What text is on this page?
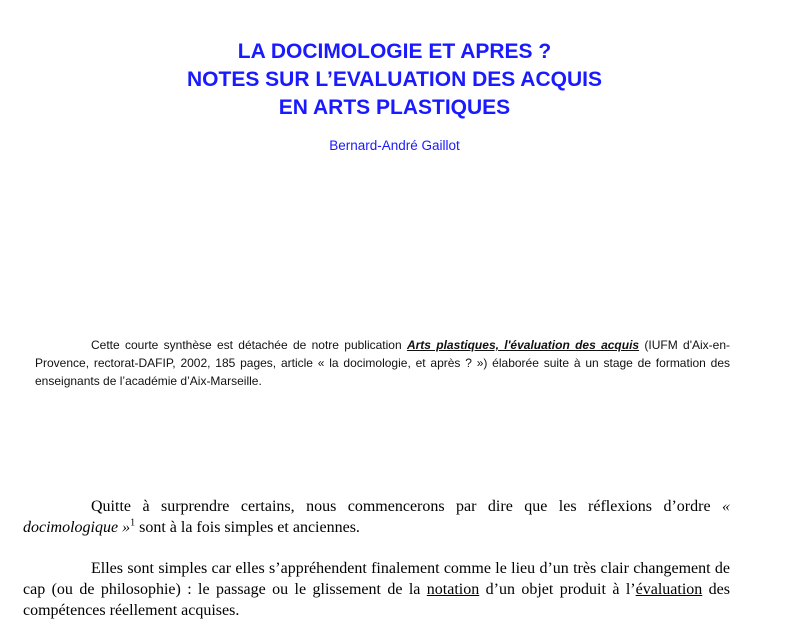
LA DOCIMOLOGIE ET APRES ?
NOTES SUR L’EVALUATION DES ACQUIS
EN ARTS PLASTIQUES
Bernard-André Gaillot
Cette courte synthèse est détachée de notre publication Arts plastiques, l'évaluation des acquis (IUFM d'Aix-en-Provence, rectorat-DAFIP, 2002, 185 pages, article « la docimologie, et après ? ») élaborée suite à un stage de formation des enseignants de l’académie d’Aix-Marseille.
Quitte à surprendre certains, nous commencerons par dire que les réflexions d’ordre « docimologique »$^1$ sont à la fois simples et anciennes.
Elles sont simples car elles s’appréhendent finalement comme le lieu d’un très clair changement de cap (ou de philosophie) : le passage ou le glissement de la notation d’un objet produit à l’évaluation des compétences réellement acquises.
